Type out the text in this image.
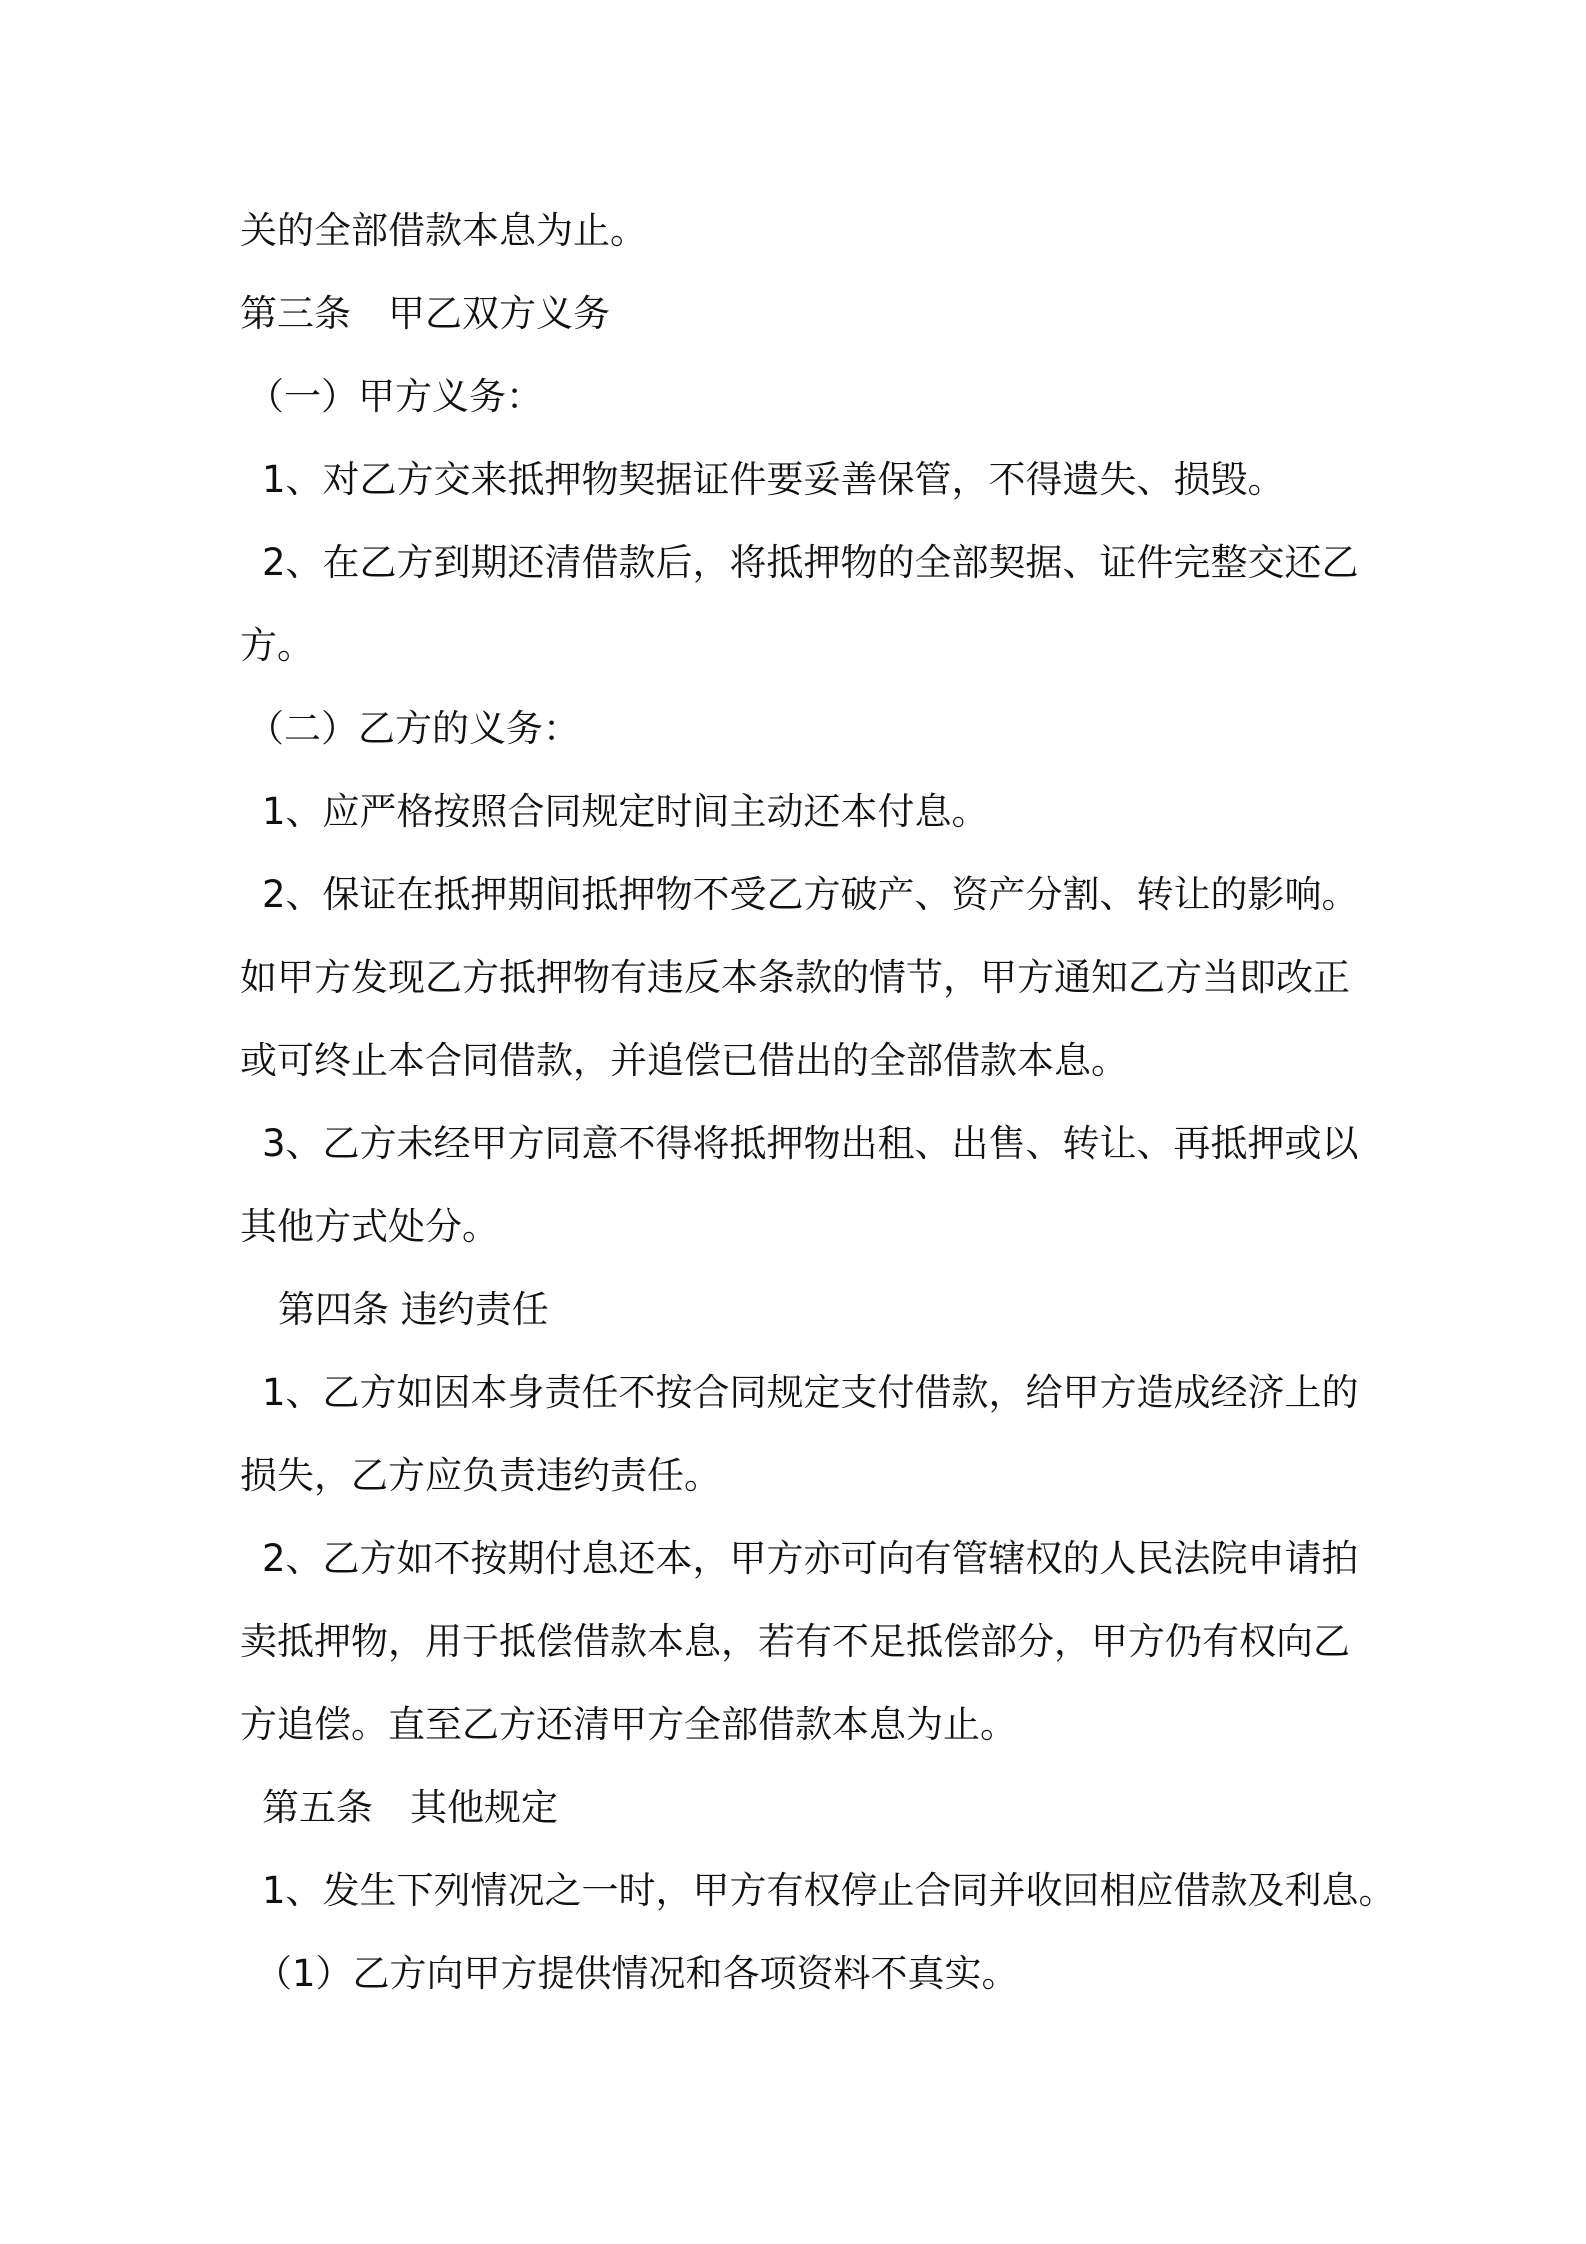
关的全部借款本息为止。

第三条　甲乙双方义务

（一）甲方义务：

1、对乙方交来抵押物契据证件要妥善保管，不得遗失、损毁。

2、在乙方到期还清借款后，将抵押物的全部契据、证件完整交还乙

方。

（二）乙方的义务：

1、应严格按照合同规定时间主动还本付息。

2、保证在抵押期间抵押物不受乙方破产、资产分割、转让的影响。

如甲方发现乙方抵押物有违反本条款的情节，甲方通知乙方当即改正

或可终止本合同借款，并追偿已借出的全部借款本息。

3、乙方未经甲方同意不得将抵押物出租、出售、转让、再抵押或以

其他方式处分。

第四条 违约责任

1、乙方如因本身责任不按合同规定支付借款，给甲方造成经济上的

损失，乙方应负责违约责任。

2、乙方如不按期付息还本，甲方亦可向有管辖权的人民法院申请拍

卖抵押物，用于抵偿借款本息，若有不足抵偿部分，甲方仍有权向乙

方追偿。直至乙方还清甲方全部借款本息为止。

第五条　其他规定

1、发生下列情况之一时，甲方有权停止合同并收回相应借款及利息。

（1）乙方向甲方提供情况和各项资料不真实。
